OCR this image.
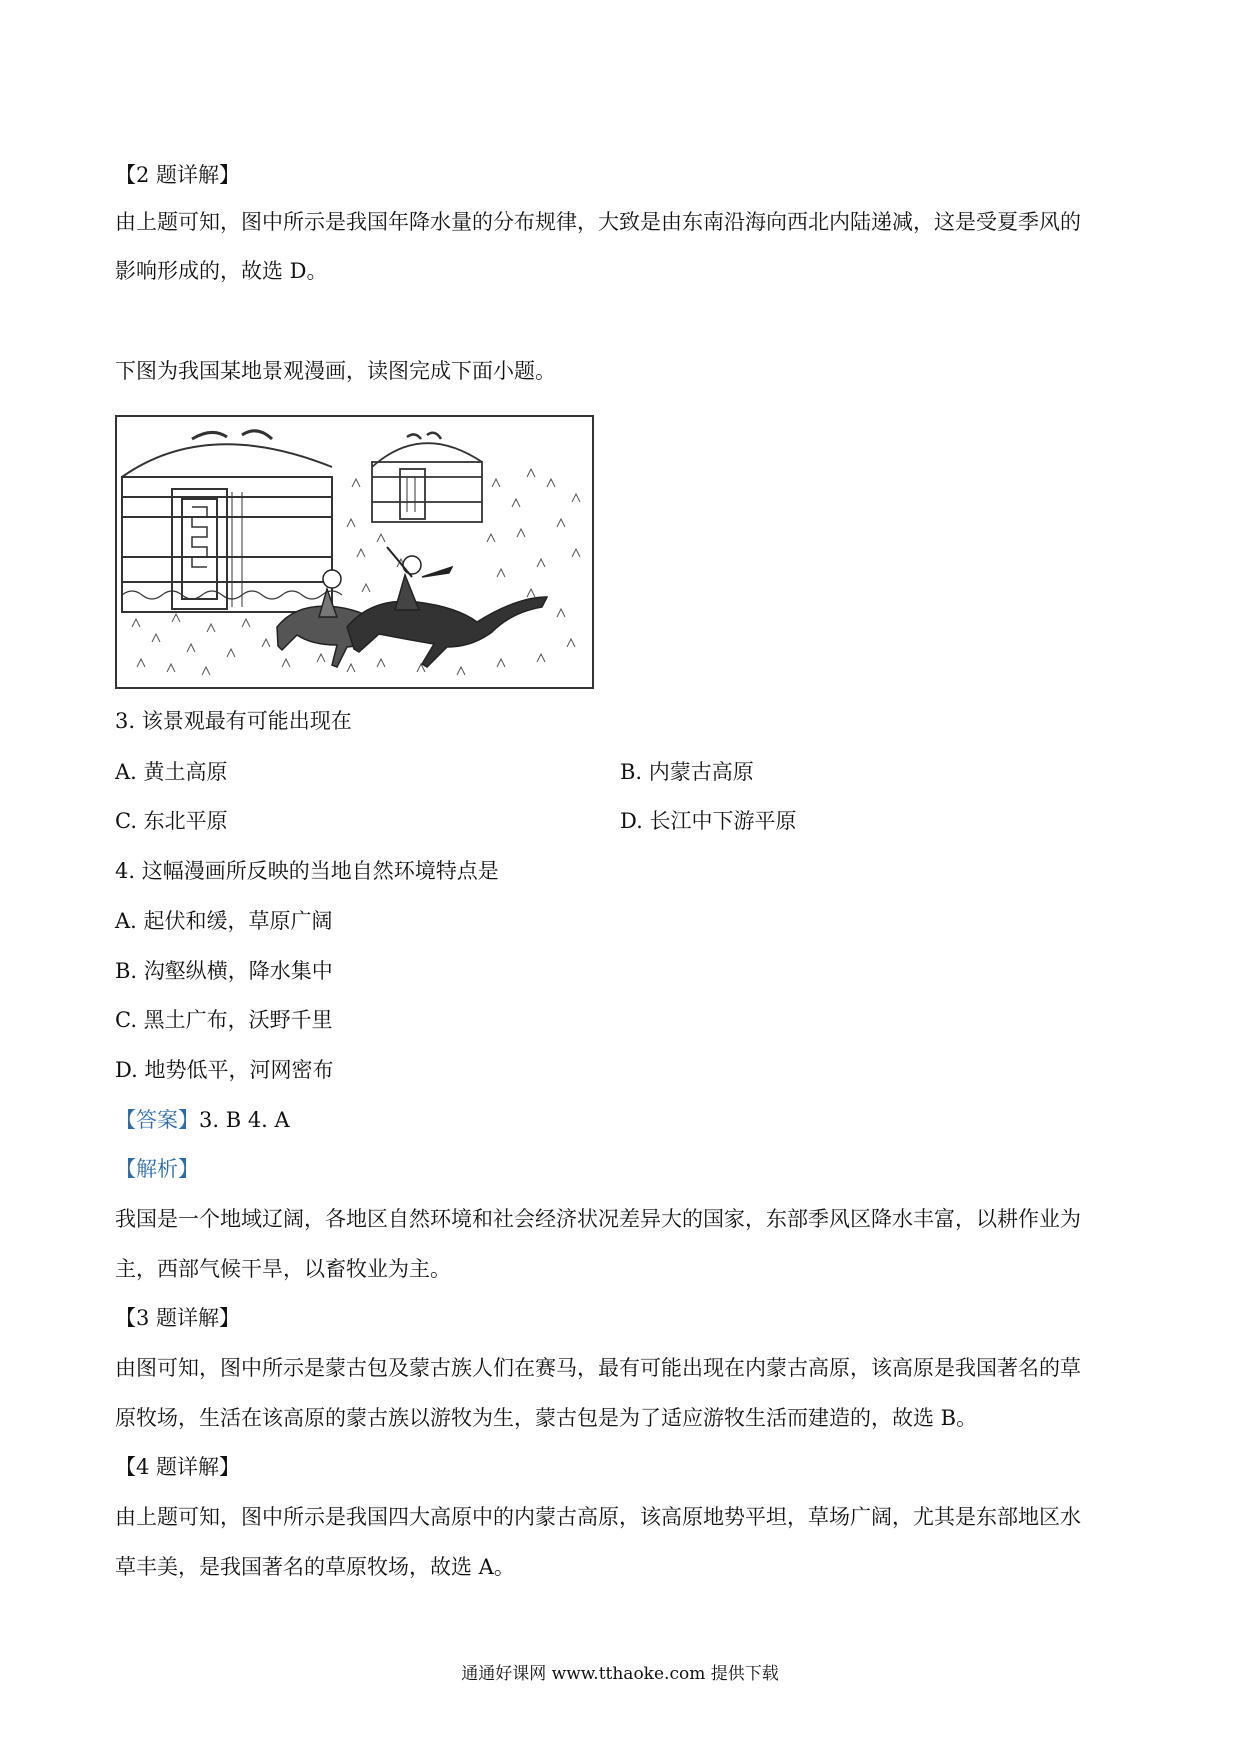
【2 题详解】
由上题可知，图中所示是我国年降水量的分布规律，大致是由东南沿海向西北内陆递减，这是受夏季风的
影响形成的，故选 D。
下图为我国某地景观漫画，读图完成下面小题。
3. 该景观最有可能出现在
A. 黄土高原	B. 内蒙古高原
C. 东北平原	D. 长江中下游平原
4. 这幅漫画所反映的当地自然环境特点是
A. 起伏和缓，草原广阔
B. 沟壑纵横，降水集中
C. 黑土广布，沃野千里
D. 地势低平，河网密布
【答案】3. B 4. A
【解析】
我国是一个地域辽阔，各地区自然环境和社会经济状况差异大的国家，东部季风区降水丰富，以耕作业为
主，西部气候干旱，以畜牧业为主。
【3 题详解】
由图可知，图中所示是蒙古包及蒙古族人们在赛马，最有可能出现在内蒙古高原，该高原是我国著名的草
原牧场，生活在该高原的蒙古族以游牧为生，蒙古包是为了适应游牧生活而建造的，故选 B。
【4 题详解】
由上题可知，图中所示是我国四大高原中的内蒙古高原，该高原地势平坦，草场广阔，尤其是东部地区水
草丰美，是我国著名的草原牧场，故选 A。
通通好课网 www.tthaoke.com 提供下载
